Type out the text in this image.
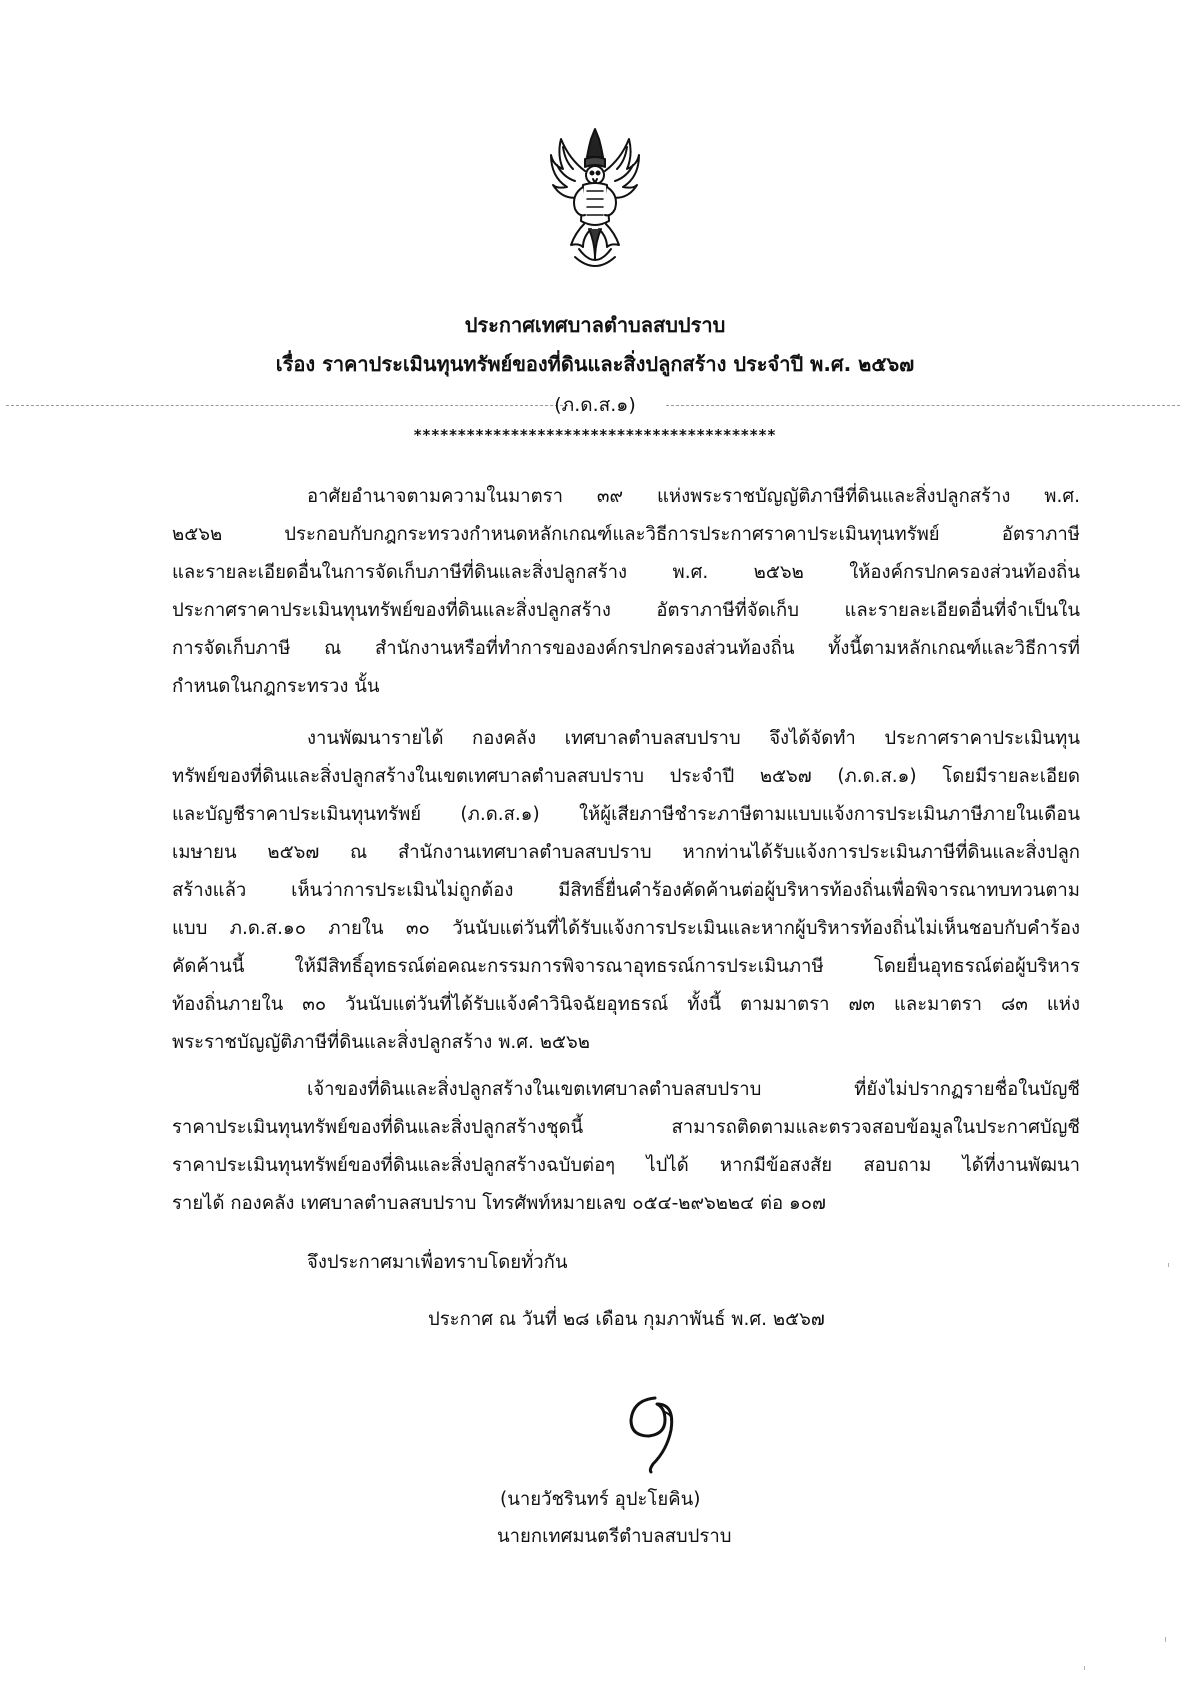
ประกาศเทศบาลตำบลสบปราบ
เรื่อง ราคาประเมินทุนทรัพย์ของที่ดินและสิ่งปลูกสร้าง ประจำปี พ.ศ. ๒๕๖๗
(ภ.ด.ส.๑)
*****************************************
อาศัยอำนาจตามความในมาตรา ๓๙ แห่งพระราชบัญญัติภาษีที่ดินและสิ่งปลูกสร้าง พ.ศ.
๒๕๖๒ ประกอบกับกฎกระทรวงกำหนดหลักเกณฑ์และวิธีการประกาศราคาประเมินทุนทรัพย์ อัตราภาษี
และรายละเอียดอื่นในการจัดเก็บภาษีที่ดินและสิ่งปลูกสร้าง พ.ศ. ๒๕๖๒ ให้องค์กรปกครองส่วนท้องถิ่น
ประกาศราคาประเมินทุนทรัพย์ของที่ดินและสิ่งปลูกสร้าง อัตราภาษีที่จัดเก็บ และรายละเอียดอื่นที่จำเป็นใน
การจัดเก็บภาษี ณ สำนักงานหรือที่ทำการขององค์กรปกครองส่วนท้องถิ่น ทั้งนี้ตามหลักเกณฑ์และวิธีการที่
กำหนดในกฎกระทรวง นั้น
งานพัฒนารายได้ กองคลัง เทศบาลตำบลสบปราบ จึงได้จัดทำ ประกาศราคาประเมินทุน
ทรัพย์ของที่ดินและสิ่งปลูกสร้างในเขตเทศบาลตำบลสบปราบ ประจำปี ๒๕๖๗ (ภ.ด.ส.๑) โดยมีรายละเอียด
และบัญชีราคาประเมินทุนทรัพย์ (ภ.ด.ส.๑) ให้ผู้เสียภาษีชำระภาษีตามแบบแจ้งการประเมินภาษีภายในเดือน
เมษายน ๒๕๖๗ ณ สำนักงานเทศบาลตำบลสบปราบ หากท่านได้รับแจ้งการประเมินภาษีที่ดินและสิ่งปลูก
สร้างแล้ว เห็นว่าการประเมินไม่ถูกต้อง มีสิทธิ์ยื่นคำร้องคัดค้านต่อผู้บริหารท้องถิ่นเพื่อพิจารณาทบทวนตาม
แบบ ภ.ด.ส.๑๐ ภายใน ๓๐ วันนับแต่วันที่ได้รับแจ้งการประเมินและหากผู้บริหารท้องถิ่นไม่เห็นชอบกับคำร้อง
คัดค้านนี้ ให้มีสิทธิ์อุทธรณ์ต่อคณะกรรมการพิจารณาอุทธรณ์การประเมินภาษี โดยยื่นอุทธรณ์ต่อผู้บริหาร
ท้องถิ่นภายใน ๓๐ วันนับแต่วันที่ได้รับแจ้งคำวินิจฉัยอุทธรณ์ ทั้งนี้ ตามมาตรา ๗๓ และมาตรา ๘๓ แห่ง
พระราชบัญญัติภาษีที่ดินและสิ่งปลูกสร้าง พ.ศ. ๒๕๖๒
เจ้าของที่ดินและสิ่งปลูกสร้างในเขตเทศบาลตำบลสบปราบ ที่ยังไม่ปรากฏรายชื่อในบัญชี
ราคาประเมินทุนทรัพย์ของที่ดินและสิ่งปลูกสร้างชุดนี้ สามารถติดตามและตรวจสอบข้อมูลในประกาศบัญชี
ราคาประเมินทุนทรัพย์ของที่ดินและสิ่งปลูกสร้างฉบับต่อๆ ไปได้ หากมีข้อสงสัย สอบถาม ได้ที่งานพัฒนา
รายได้ กองคลัง เทศบาลตำบลสบปราบ โทรศัพท์หมายเลข ๐๕๔-๒๙๖๒๒๔ ต่อ ๑๐๗
จึงประกาศมาเพื่อทราบโดยทั่วกัน
ประกาศ ณ วันที่ ๒๘ เดือน กุมภาพันธ์ พ.ศ. ๒๕๖๗
(นายวัชรินทร์ อุปะโยคิน)
นายกเทศมนตรีตำบลสบปราบ
